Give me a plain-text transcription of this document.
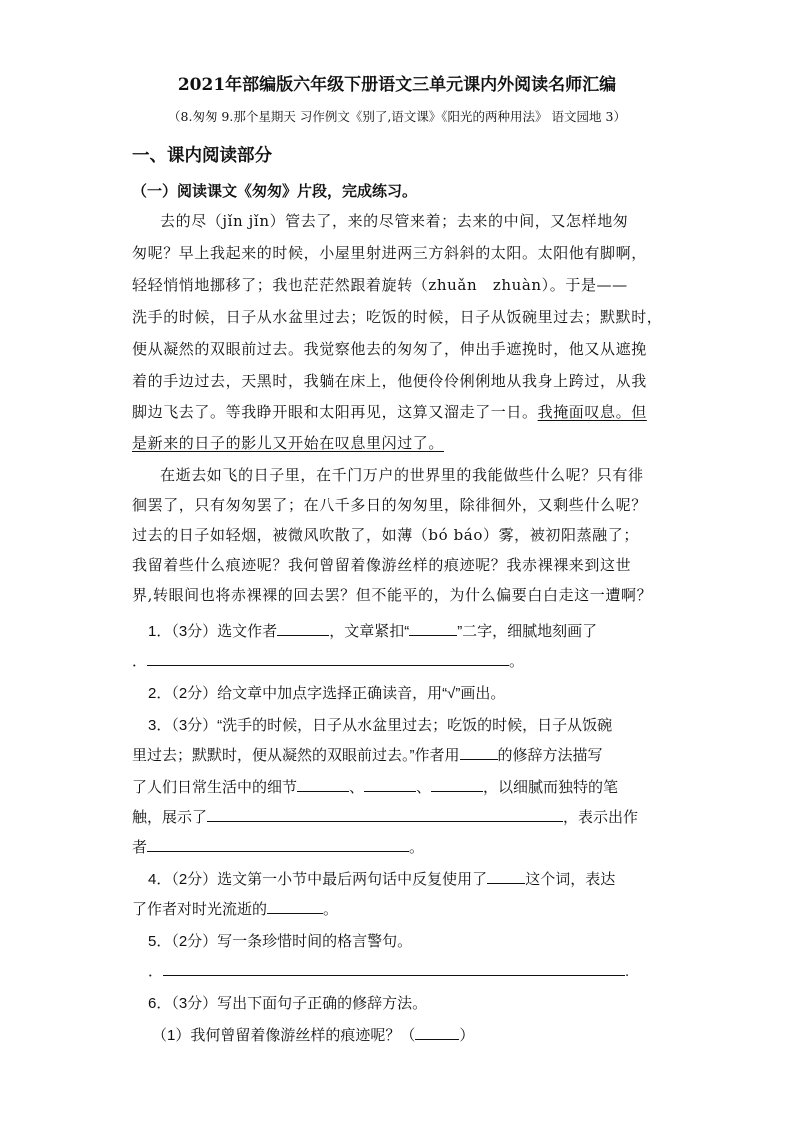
2021年部编版六年级下册语文三单元课内外阅读名师汇编
（8.匆匆 9.那个星期天 习作例文《别了,语文课》《阳光的两种用法》 语文园地 3）
一、课内阅读部分
（一）阅读课文《匆匆》片段，完成练习。
去的尽（jǐn jǐn）管去了，来的尽管来着；去来的中间，又怎样地匆
匆呢？早上我起来的时候，小屋里射进两三方斜斜的太阳。太阳他有脚啊，
轻轻悄悄地挪移了；我也茫茫然跟着旋转（zhuǎn　zhuàn）。于是——
洗手的时候，日子从水盆里过去；吃饭的时候，日子从饭碗里过去；默默时，
便从凝然的双眼前过去。我觉察他去的匆匆了，伸出手遮挽时，他又从遮挽
着的手边过去，天黑时，我躺在床上，他便伶伶俐俐地从我身上跨过，从我
脚边飞去了。等我睁开眼和太阳再见，这算又溜走了一日。我掩面叹息。但
是新来的日子的影儿又开始在叹息里闪过了。
在逝去如飞的日子里，在千门万户的世界里的我能做些什么呢？只有徘
徊罢了，只有匆匆罢了；在八千多日的匆匆里，除徘徊外，又剩些什么呢？
过去的日子如轻烟，被微风吹散了，如薄（bó báo）雾，被初阳蒸融了；
我留着些什么痕迹呢？我何曾留着像游丝样的痕迹呢？我赤裸裸来到这世
界,转眼间也将赤裸裸的回去罢？但不能平的，为什么偏要白白走这一遭啊？
1．（3分）选文作者	，文章紧扣“	”二字，细腻地刻画了
．	。
2．（2分）给文章中加点字选择正确读音，用“√”画出。
3．（3分）“洗手的时候，日子从水盆里过去；吃饭的时候，日子从饭碗
里过去；默默时，便从凝然的双眼前过去。”作者用	的修辞方法描写
了人们日常生活中的细节	、	、	，以细腻而独特的笔
触，展示了	，表示出作
者	。
4．（2分）选文第一小节中最后两句话中反复使用了	这个词，表达
了作者对时光流逝的	。
5．（2分）写一条珍惜时间的格言警句。
．	.
6．（3分）写出下面句子正确的修辞方法。
（1）我何曾留着像游丝样的痕迹呢？（	）
